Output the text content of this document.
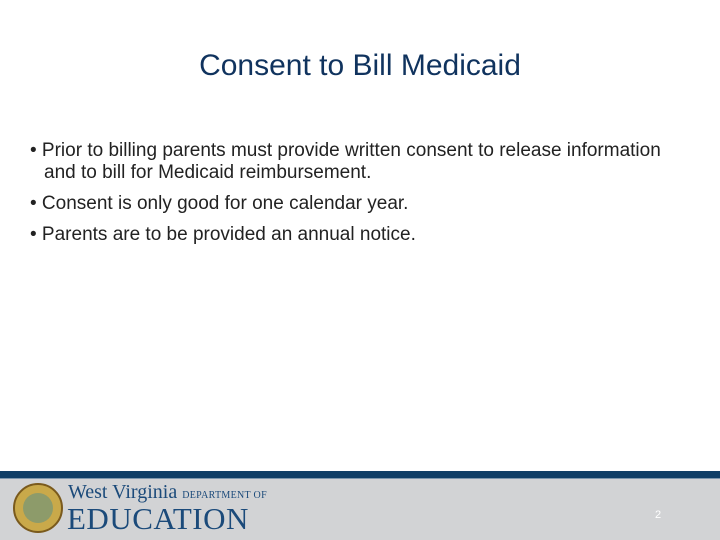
Consent to Bill Medicaid
• Prior to billing parents must provide written consent to release information and to bill for Medicaid reimbursement.
• Consent is only good for one calendar year.
• Parents are to be provided an annual notice.
West Virginia DEPARTMENT OF
EDUCATION	2
